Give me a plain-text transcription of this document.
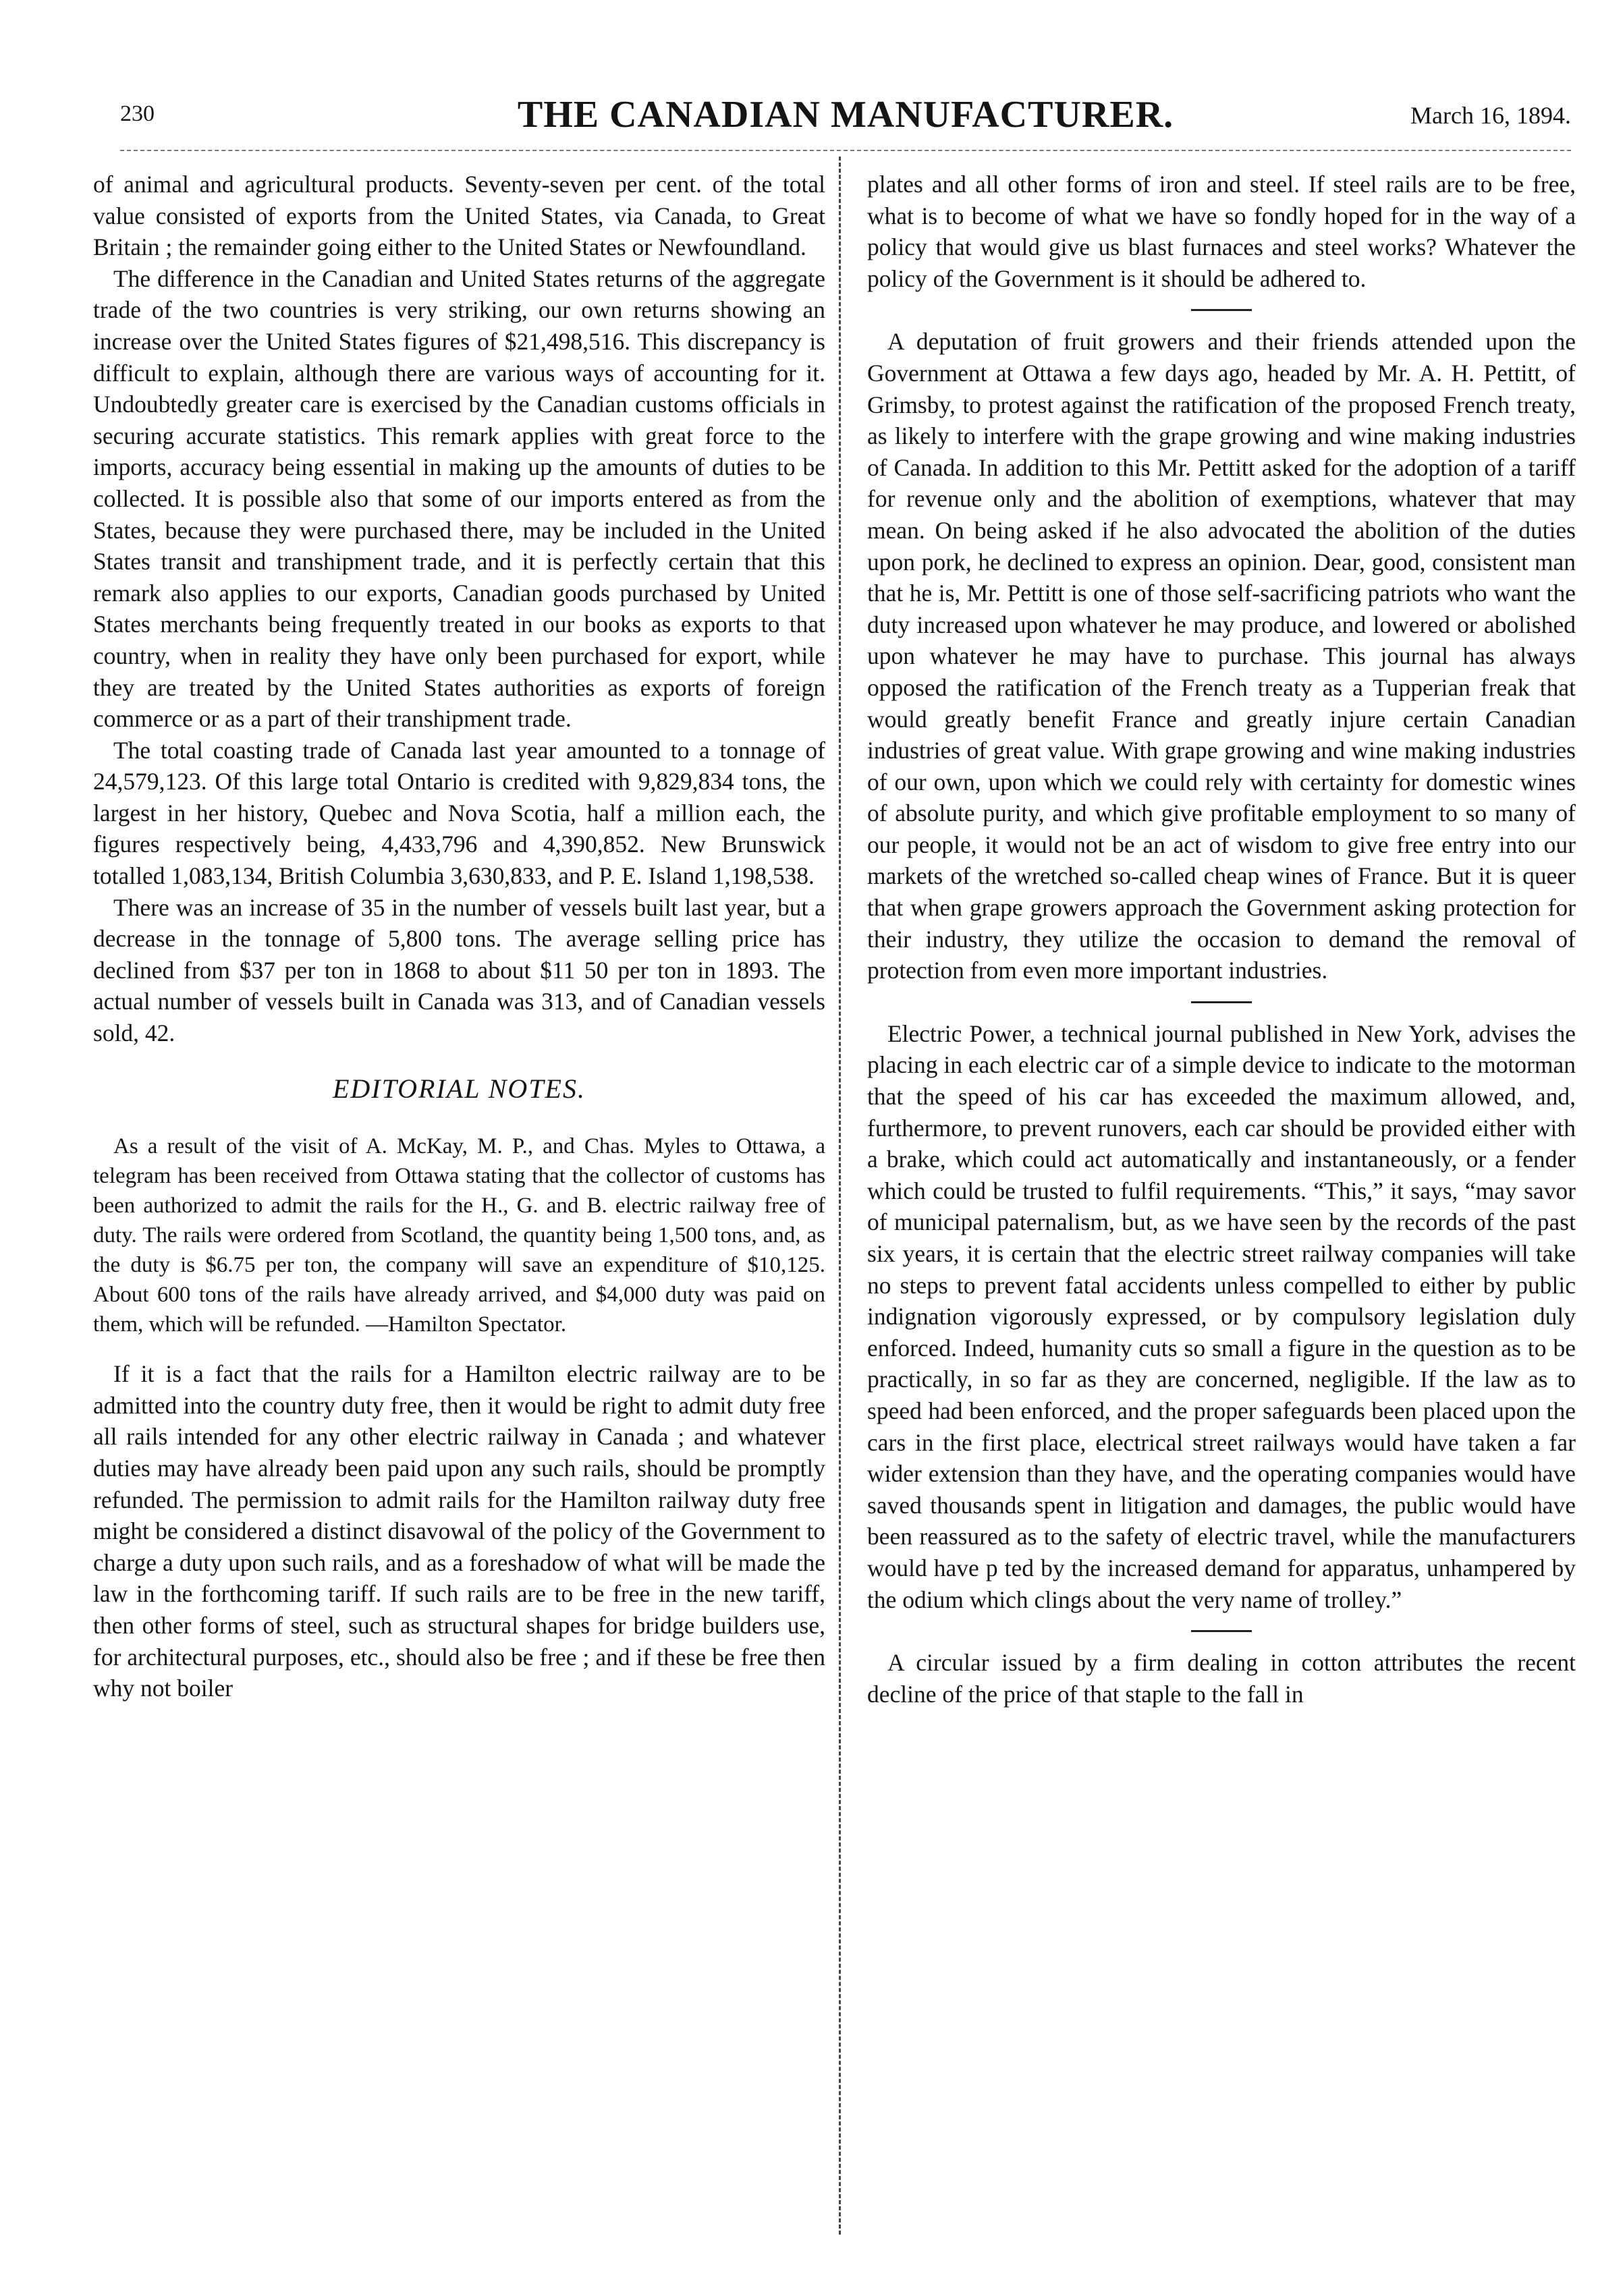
230	THE CANADIAN MANUFACTURER.	March 16, 1894.

of animal and agricultural products. Seventy-seven per cent. of the total value consisted of exports from the United States, via Canada, to Great Britain ; the remainder going either to the United States or Newfoundland.

The difference in the Canadian and United States returns of the aggregate trade of the two countries is very striking, our own returns showing an increase over the United States figures of $21,498,516. This discrepancy is difficult to explain, although there are various ways of accounting for it. Undoubtedly greater care is exercised by the Canadian customs officials in securing accurate statistics. This remark applies with great force to the imports, accuracy being essential in making up the amounts of duties to be collected. It is possible also that some of our imports entered as from the States, because they were purchased there, may be included in the United States transit and transhipment trade, and it is perfectly certain that this remark also applies to our exports, Canadian goods purchased by United States merchants being frequently treated in our books as exports to that country, when in reality they have only been purchased for export, while they are treated by the United States authorities as exports of foreign commerce or as a part of their transhipment trade.

The total coasting trade of Canada last year amounted to a tonnage of 24,579,123. Of this large total Ontario is credited with 9,829,834 tons, the largest in her history, Quebec and Nova Scotia, half a million each, the figures respectively being, 4,433,796 and 4,390,852. New Brunswick totalled 1,083,134, British Columbia 3,630,833, and P. E. Island 1,198,538.

There was an increase of 35 in the number of vessels built last year, but a decrease in the tonnage of 5,800 tons. The average selling price has declined from $37 per ton in 1868 to about $11 50 per ton in 1893. The actual number of vessels built in Canada was 313, and of Canadian vessels sold, 42.

EDITORIAL NOTES.

As a result of the visit of A. McKay, M. P., and Chas. Myles to Ottawa, a telegram has been received from Ottawa stating that the collector of customs has been authorized to admit the rails for the H., G. and B. electric railway free of duty. The rails were ordered from Scotland, the quantity being 1,500 tons, and, as the duty is $6.75 per ton, the company will save an expenditure of $10,125. About 600 tons of the rails have already arrived, and $4,000 duty was paid on them, which will be refunded. —Hamilton Spectator.

If it is a fact that the rails for a Hamilton electric railway are to be admitted into the country duty free, then it would be right to admit duty free all rails intended for any other electric railway in Canada ; and whatever duties may have already been paid upon any such rails, should be promptly refunded. The permission to admit rails for the Hamilton railway duty free might be considered a distinct disavowal of the policy of the Government to charge a duty upon such rails, and as a foreshadow of what will be made the law in the forthcoming tariff. If such rails are to be free in the new tariff, then other forms of steel, such as structural shapes for bridge builders use, for architectural purposes, etc., should also be free ; and if these be free then why not boiler

plates and all other forms of iron and steel. If steel rails are to be free, what is to become of what we have so fondly hoped for in the way of a policy that would give us blast furnaces and steel works? Whatever the policy of the Government is it should be adhered to.

A deputation of fruit growers and their friends attended upon the Government at Ottawa a few days ago, headed by Mr. A. H. Pettitt, of Grimsby, to protest against the ratification of the proposed French treaty, as likely to interfere with the grape growing and wine making industries of Canada. In addition to this Mr. Pettitt asked for the adoption of a tariff for revenue only and the abolition of exemptions, whatever that may mean. On being asked if he also advocated the abolition of the duties upon pork, he declined to express an opinion. Dear, good, consistent man that he is, Mr. Pettitt is one of those self-sacrificing patriots who want the duty increased upon whatever he may produce, and lowered or abolished upon whatever he may have to purchase. This journal has always opposed the ratification of the French treaty as a Tupperian freak that would greatly benefit France and greatly injure certain Canadian industries of great value. With grape growing and wine making industries of our own, upon which we could rely with certainty for domestic wines of absolute purity, and which give profitable employment to so many of our people, it would not be an act of wisdom to give free entry into our markets of the wretched so-called cheap wines of France. But it is queer that when grape growers approach the Government asking protection for their industry, they utilize the occasion to demand the removal of protection from even more important industries.

Electric Power, a technical journal published in New York, advises the placing in each electric car of a simple device to indicate to the motorman that the speed of his car has exceeded the maximum allowed, and, furthermore, to prevent runovers, each car should be provided either with a brake, which could act automatically and instantaneously, or a fender which could be trusted to fulfil requirements. “This,” it says, “may savor of municipal paternalism, but, as we have seen by the records of the past six years, it is certain that the electric street railway companies will take no steps to prevent fatal accidents unless compelled to either by public indignation vigorously expressed, or by compulsory legislation duly enforced. Indeed, humanity cuts so small a figure in the question as to be practically, in so far as they are concerned, negligible. If the law as to speed had been enforced, and the proper safeguards been placed upon the cars in the first place, electrical street railways would have taken a far wider extension than they have, and the operating companies would have saved thousands spent in litigation and damages, the public would have been reassured as to the safety of electric travel, while the manufacturers would have p ted by the increased demand for apparatus, unhampered by the odium which clings about the very name of trolley.”

A circular issued by a firm dealing in cotton attributes the recent decline of the price of that staple to the fall in
